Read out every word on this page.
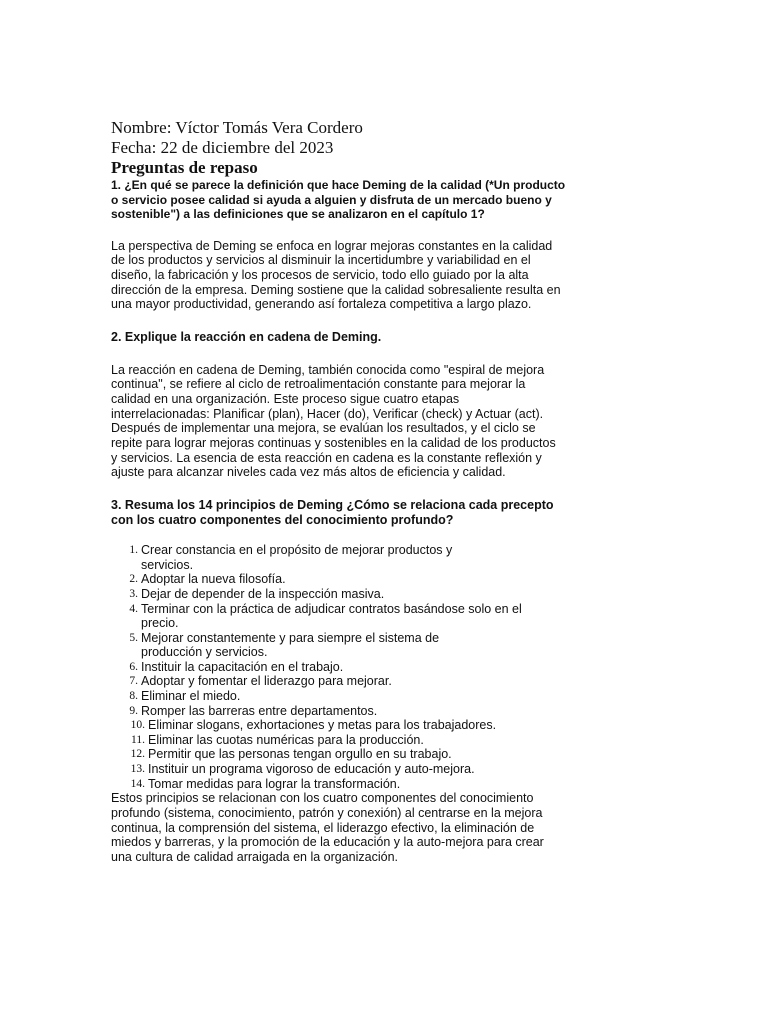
Nombre: Víctor Tomás Vera Cordero

Fecha: 22 de diciembre del 2023

Preguntas de repaso

1. ¿En qué se parece la definición que hace Deming de la calidad (*Un producto o servicio posee calidad si ayuda a alguien y disfruta de un mercado bueno y

sostenible") a las definiciones que se analizaron en el capítulo 1?

La perspectiva de Deming se enfoca en lograr mejoras constantes en la calidad de los productos y servicios al disminuir la incertidumbre y variabilidad en el diseño, la fabricación y los procesos de servicio, todo ello guiado por la alta dirección de la empresa. Deming sostiene que la calidad sobresaliente resulta en una mayor productividad, generando así fortaleza competitiva a largo plazo.

2. Explique la reacción en cadena de Deming.

La reacción en cadena de Deming, también conocida como "espiral de mejora continua", se refiere al ciclo de retroalimentación constante para mejorar la calidad en una organización. Este proceso sigue cuatro etapas interrelacionadas: Planificar (plan), Hacer (do), Verificar (check) y Actuar (act). Después de implementar una mejora, se evalúan los resultados, y el ciclo se repite para lograr mejoras continuas y sostenibles en la calidad de los productos y servicios. La esencia de esta reacción en cadena es la constante reflexión y ajuste para alcanzar niveles cada vez más altos de eficiencia y calidad.

3. Resuma los 14 principios de Deming ¿Cómo se relaciona cada precepto con los cuatro componentes del conocimiento profundo?

1. Crear constancia en el propósito de mejorar productos y servicios.
2. Adoptar la nueva filosofía.
3. Dejar de depender de la inspección masiva.
4. Terminar con la práctica de adjudicar contratos basándose solo en el precio.
5. Mejorar constantemente y para siempre el sistema de producción y servicios.
6. Instituir la capacitación en el trabajo.
7. Adoptar y fomentar el liderazgo para mejorar.
8. Eliminar el miedo.
9. Romper las barreras entre departamentos.
10. Eliminar slogans, exhortaciones y metas para los trabajadores.
11. Eliminar las cuotas numéricas para la producción.
12. Permitir que las personas tengan orgullo en su trabajo.
13. Instituir un programa vigoroso de educación y auto-mejora.
14. Tomar medidas para lograr la transformación.

Estos principios se relacionan con los cuatro componentes del conocimiento profundo (sistema, conocimiento, patrón y conexión) al centrarse en la mejora continua, la comprensión del sistema, el liderazgo efectivo, la eliminación de miedos y barreras, y la promoción de la educación y la auto-mejora para crear una cultura de calidad arraigada en la organización.
